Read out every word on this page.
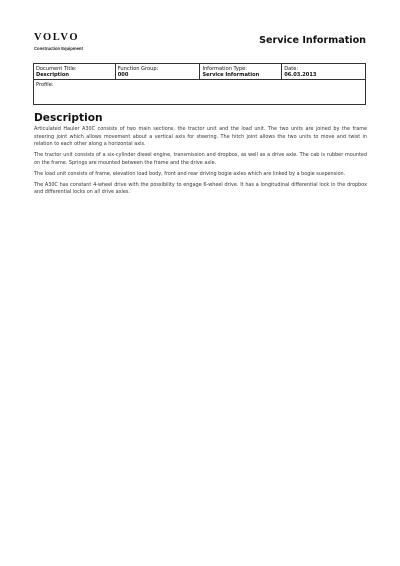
VOLVO
Construction Equipment
Service Information
Document Title:
Description

Function Group:
000

Information Type:
Service Information

Date:
06.03.2013

Profile:
Description

Articulated Hauler A30C consists of two main sections, the tractor unit and the load unit. The two units are joined by the frame steering joint which allows movement about a vertical axis for steering. The hitch joint allows the two units to move and twist in relation to each other along a horizontal axis.

The tractor unit consists of a six-cylinder diesel engine, transmission and dropbox, as well as a drive axle. The cab is rubber mounted on the frame. Springs are mounted between the frame and the drive axle.

The load unit consists of frame, elevation load body, front and rear driving bogie axles which are linked by a bogie suspension.

The A30C has constant 4-wheel drive with the possibility to engage 6-wheel drive. It has a longitudinal differential lock in the dropbox and differential locks on all drive axles.
